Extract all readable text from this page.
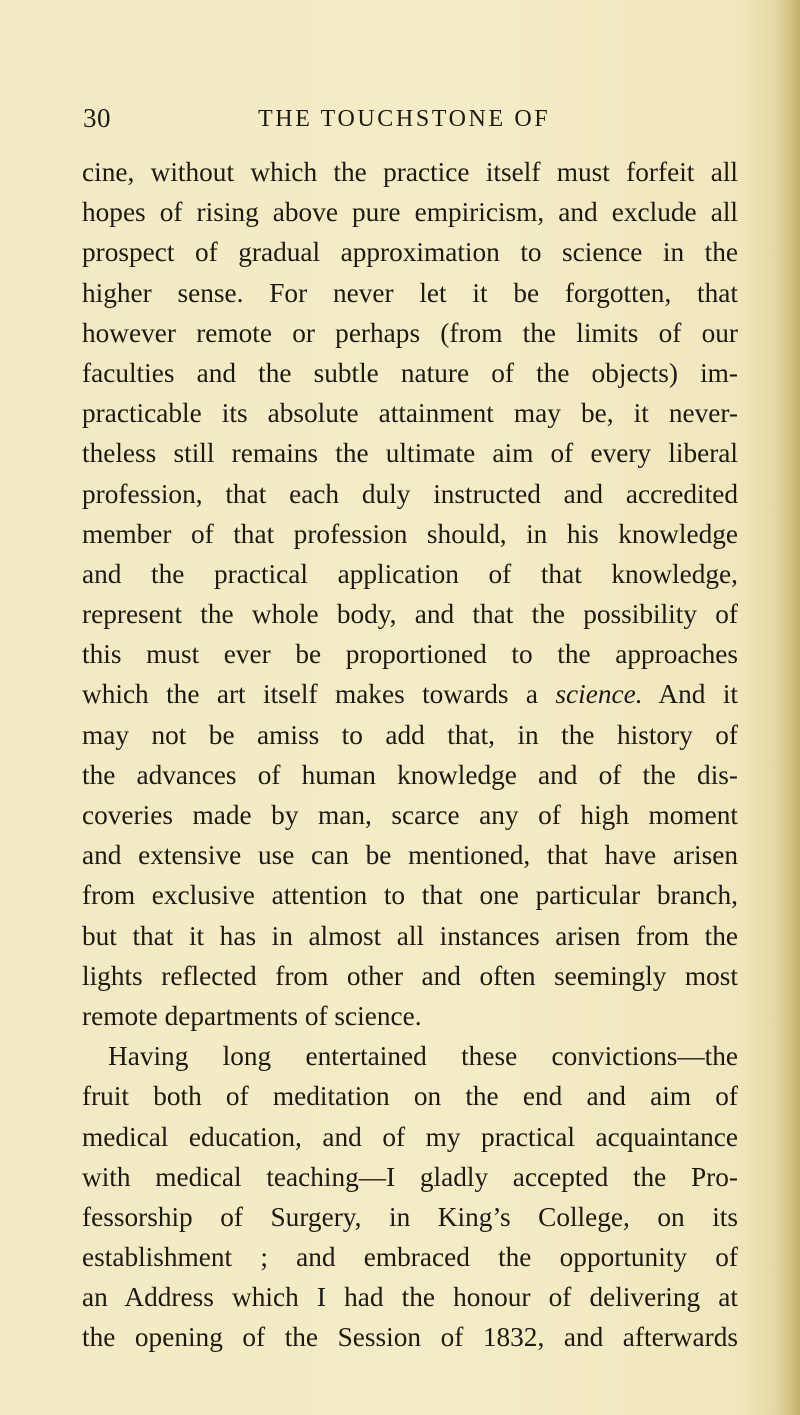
30	THE TOUCHSTONE OF
cine, without which the practice itself must forfeit all
hopes of rising above pure empiricism, and exclude all
prospect of gradual approximation to science in the
higher sense. For never let it be forgotten, that
however remote or perhaps (from the limits of our
faculties and the subtle nature of the objects) im-
practicable its absolute attainment may be, it never-
theless still remains the ultimate aim of every liberal
profession, that each duly instructed and accredited
member of that profession should, in his knowledge
and the practical application of that knowledge,
represent the whole body, and that the possibility of
this must ever be proportioned to the approaches
which the art itself makes towards a science. And it
may not be amiss to add that, in the history of
the advances of human knowledge and of the dis-
coveries made by man, scarce any of high moment
and extensive use can be mentioned, that have arisen
from exclusive attention to that one particular branch,
but that it has in almost all instances arisen from the
lights reflected from other and often seemingly most
remote departments of science.
Having long entertained these convictions—the
fruit both of meditation on the end and aim of
medical education, and of my practical acquaintance
with medical teaching—I gladly accepted the Pro-
fessorship of Surgery, in King’s College, on its
establishment ; and embraced the opportunity of
an Address which I had the honour of delivering at
the opening of the Session of 1832, and afterwards
